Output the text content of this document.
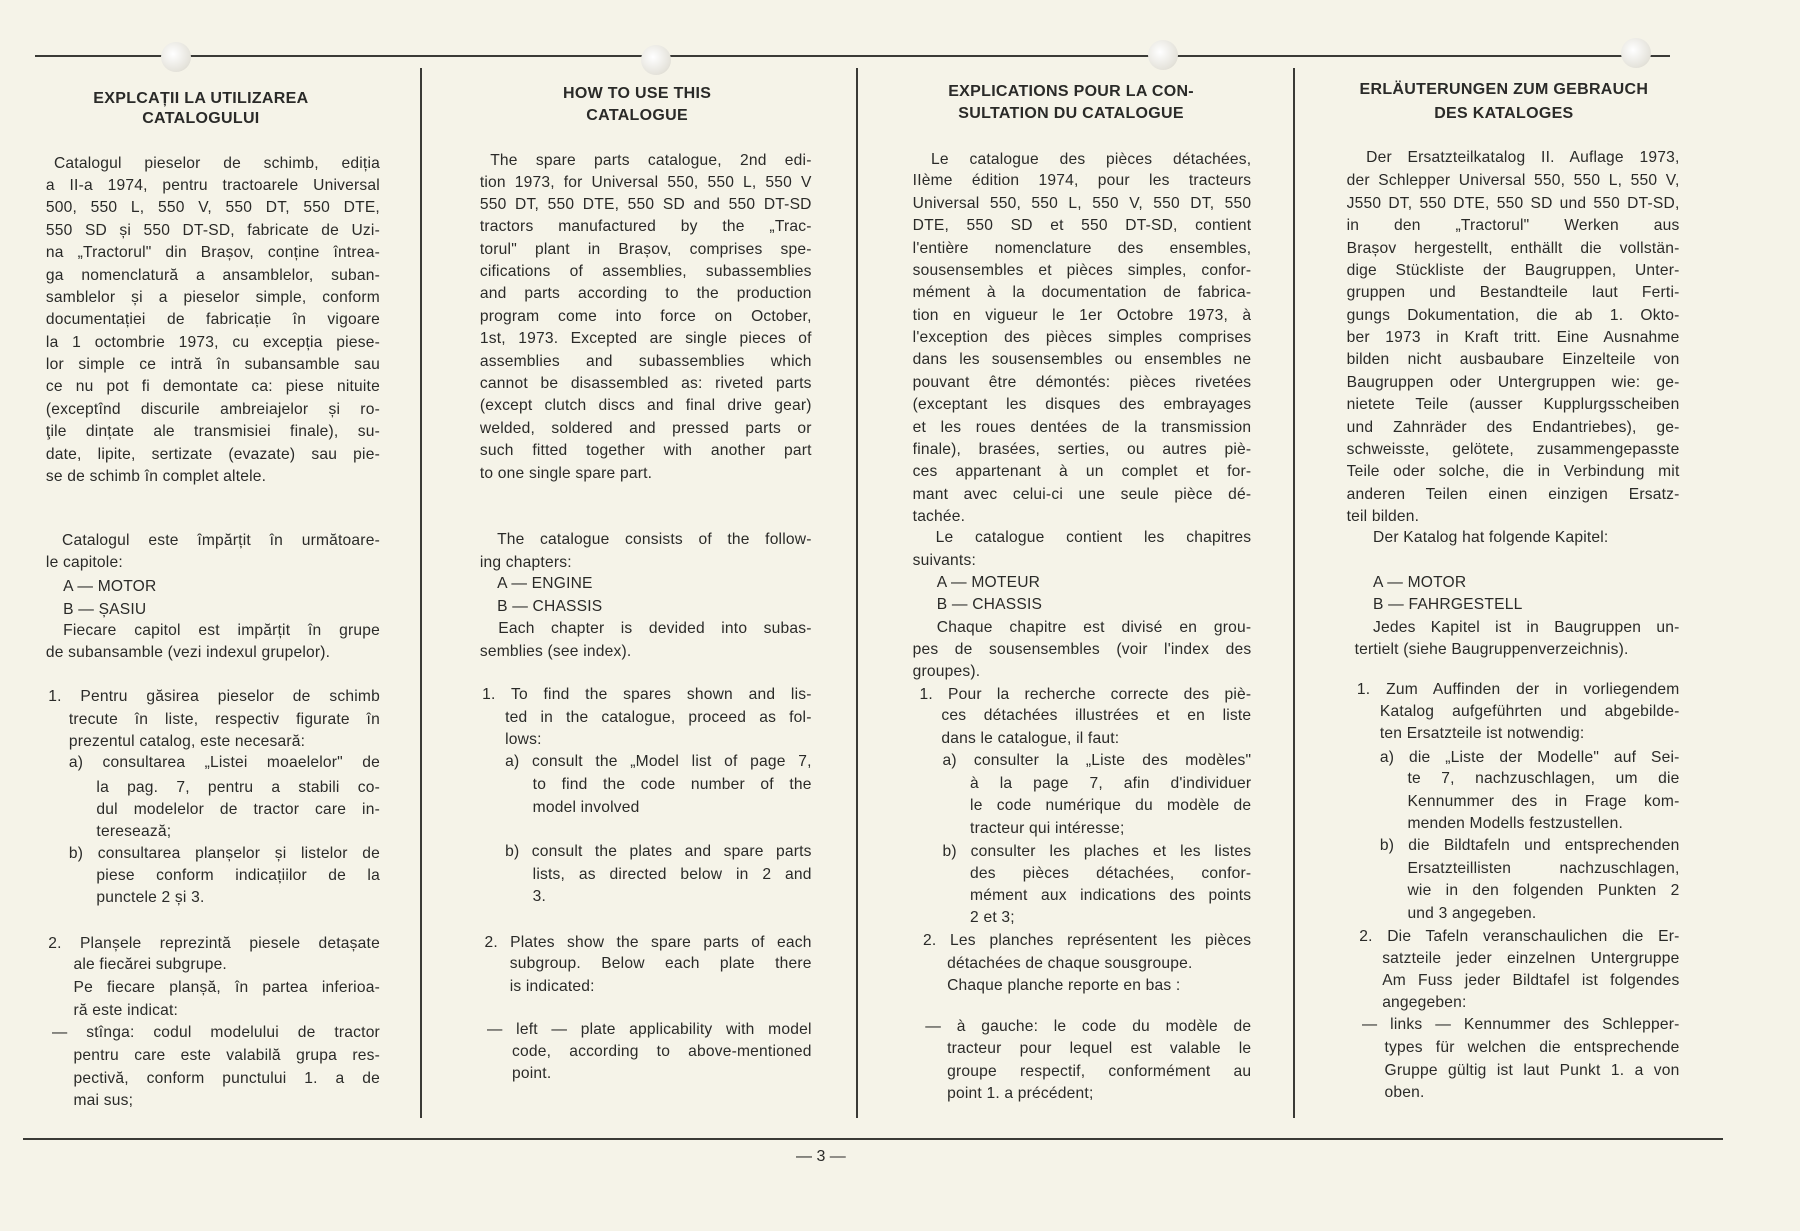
EXPLCAȚII LA UTILIZAREA
CATALOGULUI
Catalogul pieselor de schimb, ediția
a II-a 1974, pentru tractoarele Universal
500, 550 L, 550 V, 550 DT, 550 DTE,
550 SD și 550 DT-SD, fabricate de Uzi-
na „Tractorul" din Brașov, conține întrea-
ga nomenclatură a ansamblelor, suban-
samblelor și a pieselor simple, conform
documentației de fabricație în vigoare
la 1 octombrie 1973, cu excepția piese-
lor simple ce intră în subansamble sau
ce nu pot fi demontate ca: piese nituite
(exceptînd discurile ambreiajelor și ro-
ţile dințate ale transmisiei finale), su-
date, lipite, sertizate (evazate) sau pie-
se de schimb în complet altele.
Catalogul este împărțit în următoare-
le capitole:
A — MOTOR
B — ȘASIU
Fiecare capitol est impărțit în grupe
de subansamble (vezi indexul grupelor).
1. Pentru găsirea pieselor de schimb
trecute în liste, respectiv figurate în
prezentul catalog, este necesară:
a) consultarea „Listei moaelelor" de
la pag. 7, pentru a stabili co-
dul modelelor de tractor care in-
teresează;
b) consultarea planșelor și listelor de
piese conform indicațiilor de la
punctele 2 și 3.
2. Planșele reprezintă piesele detașate
ale fiecărei subgrupe.
Pe fiecare planșă, în partea inferioa-
ră este indicat:
— stînga: codul modelului de tractor
pentru care este valabilă grupa res-
pectivă, conform punctului 1. a de
mai sus;
HOW TO USE THIS
CATALOGUE
The spare parts catalogue, 2nd edi-
tion 1973, for Universal 550, 550 L, 550 V
550 DT, 550 DTE, 550 SD and 550 DT-SD
tractors manufactured by the „Trac-
torul" plant in Brașov, comprises spe-
cifications of assemblies, subassemblies
and parts according to the production
program come into force on October,
1st, 1973. Excepted are single pieces of
assemblies and subassemblies which
cannot be disassembled as: riveted parts
(except clutch discs and final drive gear)
welded, soldered and pressed parts or
such fitted together with another part
to one single spare part.
The catalogue consists of the follow-
ing chapters:
A — ENGINE
B — CHASSIS
Each chapter is devided into subas-
semblies (see index).
1. To find the spares shown and lis-
ted in the catalogue, proceed as fol-
lows:
a) consult the „Model list of page 7,
to find the code number of the
model involved
b) consult the plates and spare parts
lists, as directed below in 2 and
3.
2. Plates show the spare parts of each
subgroup. Below each plate there
is indicated:
— left — plate applicability with model
code, according to above-mentioned
point.
EXPLICATIONS POUR LA CON-
SULTATION DU CATALOGUE
Le catalogue des pièces détachées,
IIème édition 1974, pour les tracteurs
Universal 550, 550 L, 550 V, 550 DT, 550
DTE, 550 SD et 550 DT-SD, contient
l'entière nomenclature des ensembles,
sousensembles et pièces simples, confor-
mément à la documentation de fabrica-
tion en vigueur le 1er Octobre 1973, à
l'exception des pièces simples comprises
dans les sousensembles ou ensembles ne
pouvant être démontés: pièces rivetées
(exceptant les disques des embrayages
et les roues dentées de la transmission
finale), brasées, serties, ou autres piè-
ces appartenant à un complet et for-
mant avec celui-ci une seule pièce dé-
tachée.
Le catalogue contient les chapitres
suivants:
A — MOTEUR
B — CHASSIS
Chaque chapitre est divisé en grou-
pes de sousensembles (voir l'index des
groupes).
1. Pour la recherche correcte des piè-
ces détachées illustrées et en liste
dans le catalogue, il faut:
a) consulter la „Liste des modèles"
à la page 7, afin d'individuer
le code numérique du modèle de
tracteur qui intéresse;
b) consulter les plaches et les listes
des pièces détachées, confor-
mément aux indications des points
2 et 3;
2. Les planches représentent les pièces
détachées de chaque sousgroupe.
Chaque planche reporte en bas :
— à gauche: le code du modèle de
tracteur pour lequel est valable le
groupe respectif, conformément au
point 1. a précédent;
ERLÄUTERUNGEN ZUM GEBRAUCH
DES KATALOGES
Der Ersatzteilkatalog II. Auflage 1973,
der Schlepper Universal 550, 550 L, 550 V,
J550 DT, 550 DTE, 550 SD und 550 DT-SD,
in den „Tractorul" Werken aus
Brașov hergestellt, enthällt die vollstän-
dige Stückliste der Baugruppen, Unter-
gruppen und Bestandteile laut Ferti-
gungs Dokumentation, die ab 1. Okto-
ber 1973 in Kraft tritt. Eine Ausnahme
bilden nicht ausbaubare Einzelteile von
Baugruppen oder Untergruppen wie: ge-
nietete Teile (ausser Kupplurgsscheiben
und Zahnräder des Endantriebes), ge-
schweisste, gelötete, zusammengepasste
Teile oder solche, die in Verbindung mit
anderen Teilen einen einzigen Ersatz-
teil bilden.
Der Katalog hat folgende Kapitel:
A — MOTOR
B — FAHRGESTELL
Jedes Kapitel ist in Baugruppen un-
tertielt (siehe Baugruppenverzeichnis).
1. Zum Auffinden der in vorliegendem
Katalog aufgeführten und abgebilde-
ten Ersatzteile ist notwendig:
a) die „Liste der Modelle" auf Sei-
te 7, nachzuschlagen, um die
Kennummer des in Frage kom-
menden Modells festzustellen.
b) die Bildtafeln und entsprechenden
Ersatzteillisten nachzuschlagen,
wie in den folgenden Punkten 2
und 3 angegeben.
2. Die Tafeln veranschaulichen die Er-
satzteile jeder einzelnen Untergruppe
Am Fuss jeder Bildtafel ist folgendes
angegeben:
— links — Kennummer des Schlepper-
types für welchen die entsprechende
Gruppe gültig ist laut Punkt 1. a von
oben.
— 3 —
